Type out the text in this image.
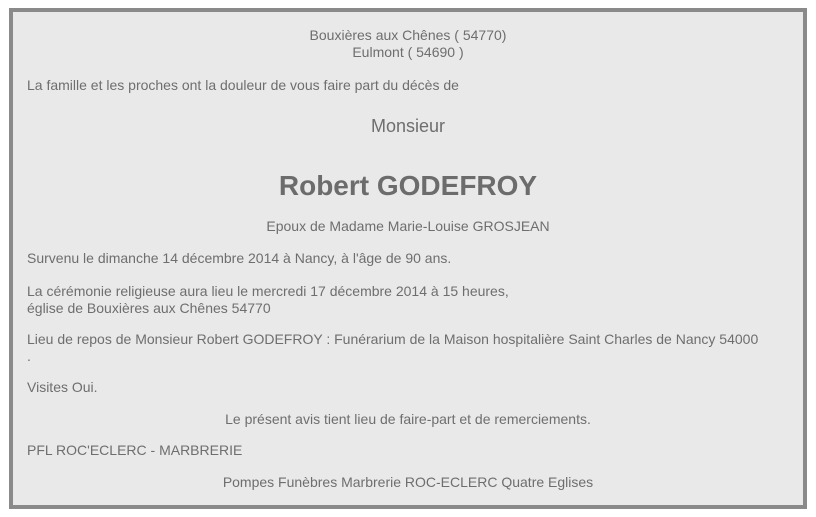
Bouxières aux Chênes ( 54770)

Eulmont ( 54690 )

La famille et les proches ont la douleur de vous faire part du décès de

Monsieur

Robert GODEFROY

Epoux de Madame Marie-Louise GROSJEAN

Survenu le dimanche 14 décembre 2014 à Nancy, à l'âge de 90 ans.

La cérémonie religieuse aura lieu le mercredi 17 décembre 2014 à 15 heures,

église de Bouxières aux Chênes 54770

Lieu de repos de Monsieur Robert GODEFROY : Funérarium de la Maison hospitalière Saint Charles de Nancy 54000

.

Visites Oui.

Le présent avis tient lieu de faire-part et de remerciements.

PFL ROC'ECLERC - MARBRERIE

Pompes Funèbres Marbrerie ROC-ECLERC Quatre Eglises
